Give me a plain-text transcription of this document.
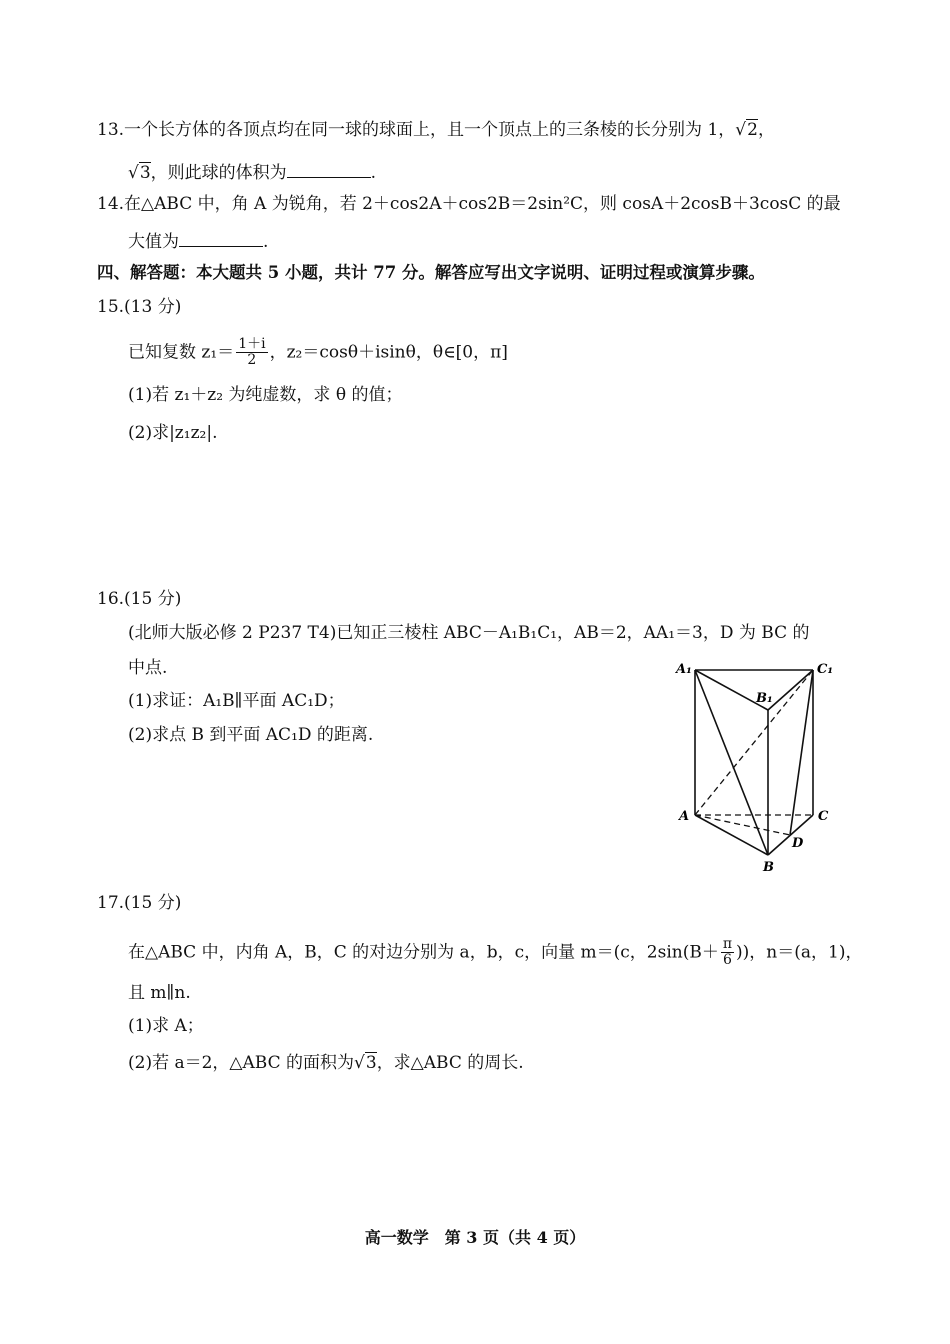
13.一个长方体的各顶点均在同一球的球面上，且一个顶点上的三条棱的长分别为 1，√2，
√3，则此球的体积为	.
14.在△ABC 中，角 A 为锐角，若 2＋cos2A＋cos2B＝2sin²C，则 cosA＋2cosB＋3cosC 的最
大值为	.
四、解答题：本大题共 5 小题，共计 77 分。解答应写出文字说明、证明过程或演算步骤。
15.(13 分)
已知复数 $z_1= \frac{1+i}{2}$ ，z₂＝cosθ＋isinθ，θ∈[0，π]
(1)若 z₁＋z₂ 为纯虚数，求 θ 的值；
(2)求|z₁z₂|.
16.(15 分)
(北师大版必修 2 P237 T4)已知正三棱柱 ABC－A₁B₁C₁，AB＝2，AA₁＝3，D 为 BC 的
中点.
(1)求证：A₁B∥平面 AC₁D；
(2)求点 B 到平面 AC₁D 的距离.
A₁
B₁
C₁
A
B
C
D
17.(15 分)
在△ABC 中，内角 A，B，C 的对边分别为 a，b，c，向量 m＝(c，$2\sin(B+ \frac{\pi}{6}$ ))，n＝(a，1)，
且 m∥n.
(1)求 A；
(2)若 a＝2，△ABC 的面积为√3，求△ABC 的周长.
高一数学　第 3 页（共 4 页）
